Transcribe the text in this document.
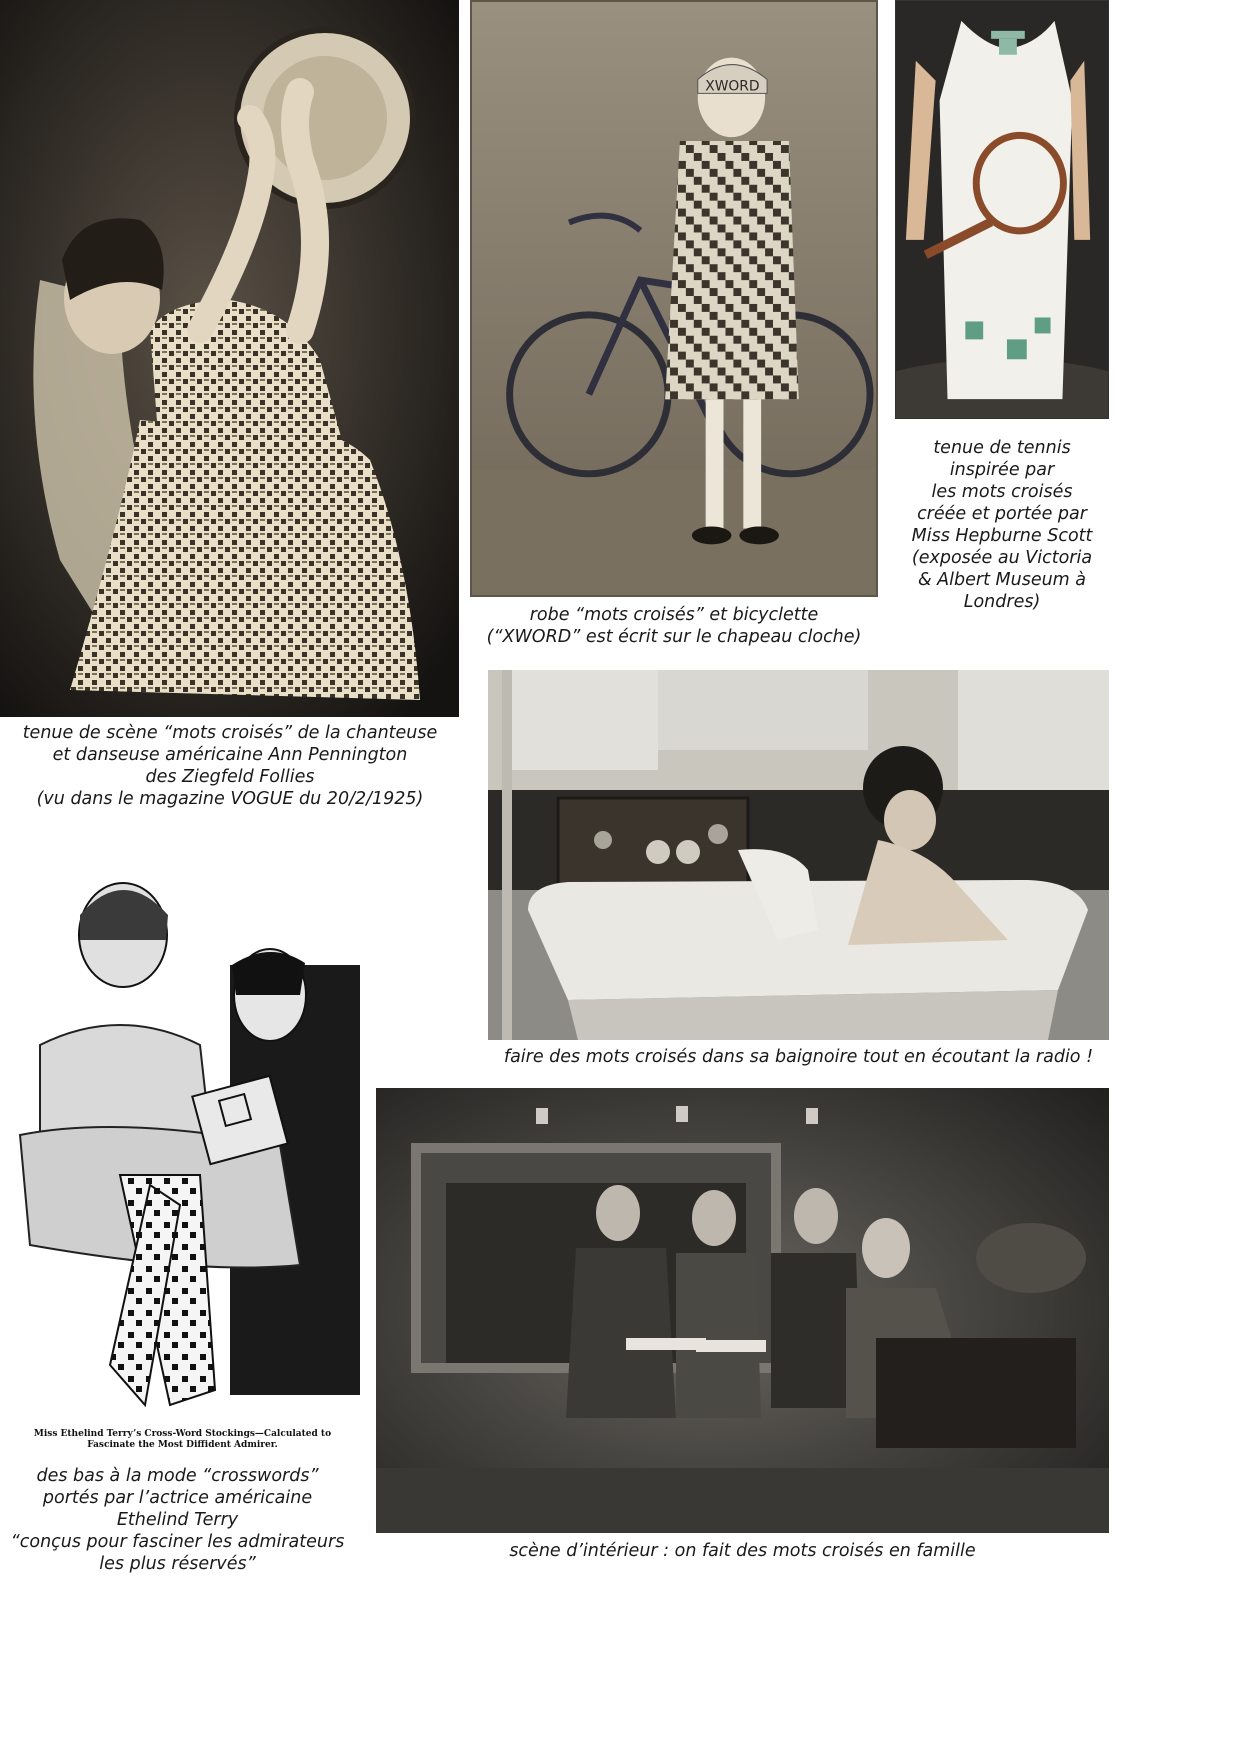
XWORD
robe “mots croisés” et bicyclette
(“XWORD” est écrit sur le chapeau cloche)
tenue de tennis
inspirée par
les mots croisés
créée et portée par
Miss Hepburne Scott
(exposée au Victoria
& Albert Museum à
Londres)
tenue de scène “mots croisés” de la chanteuse
et danseuse américaine Ann Pennington
des Ziegfeld Follies
(vu dans le magazine VOGUE du 20/2/1925)
faire des mots croisés dans sa baignoire tout en écoutant la radio !
Miss Ethelind Terry’s Cross-Word Stockings—Calculated to
Fascinate the Most Diffident Admirer.
des bas à la mode “crosswords”
portés par l’actrice américaine
Ethelind Terry
“conçus pour fasciner les admirateurs
les plus réservés”
scène d’intérieur : on fait des mots croisés en famille
